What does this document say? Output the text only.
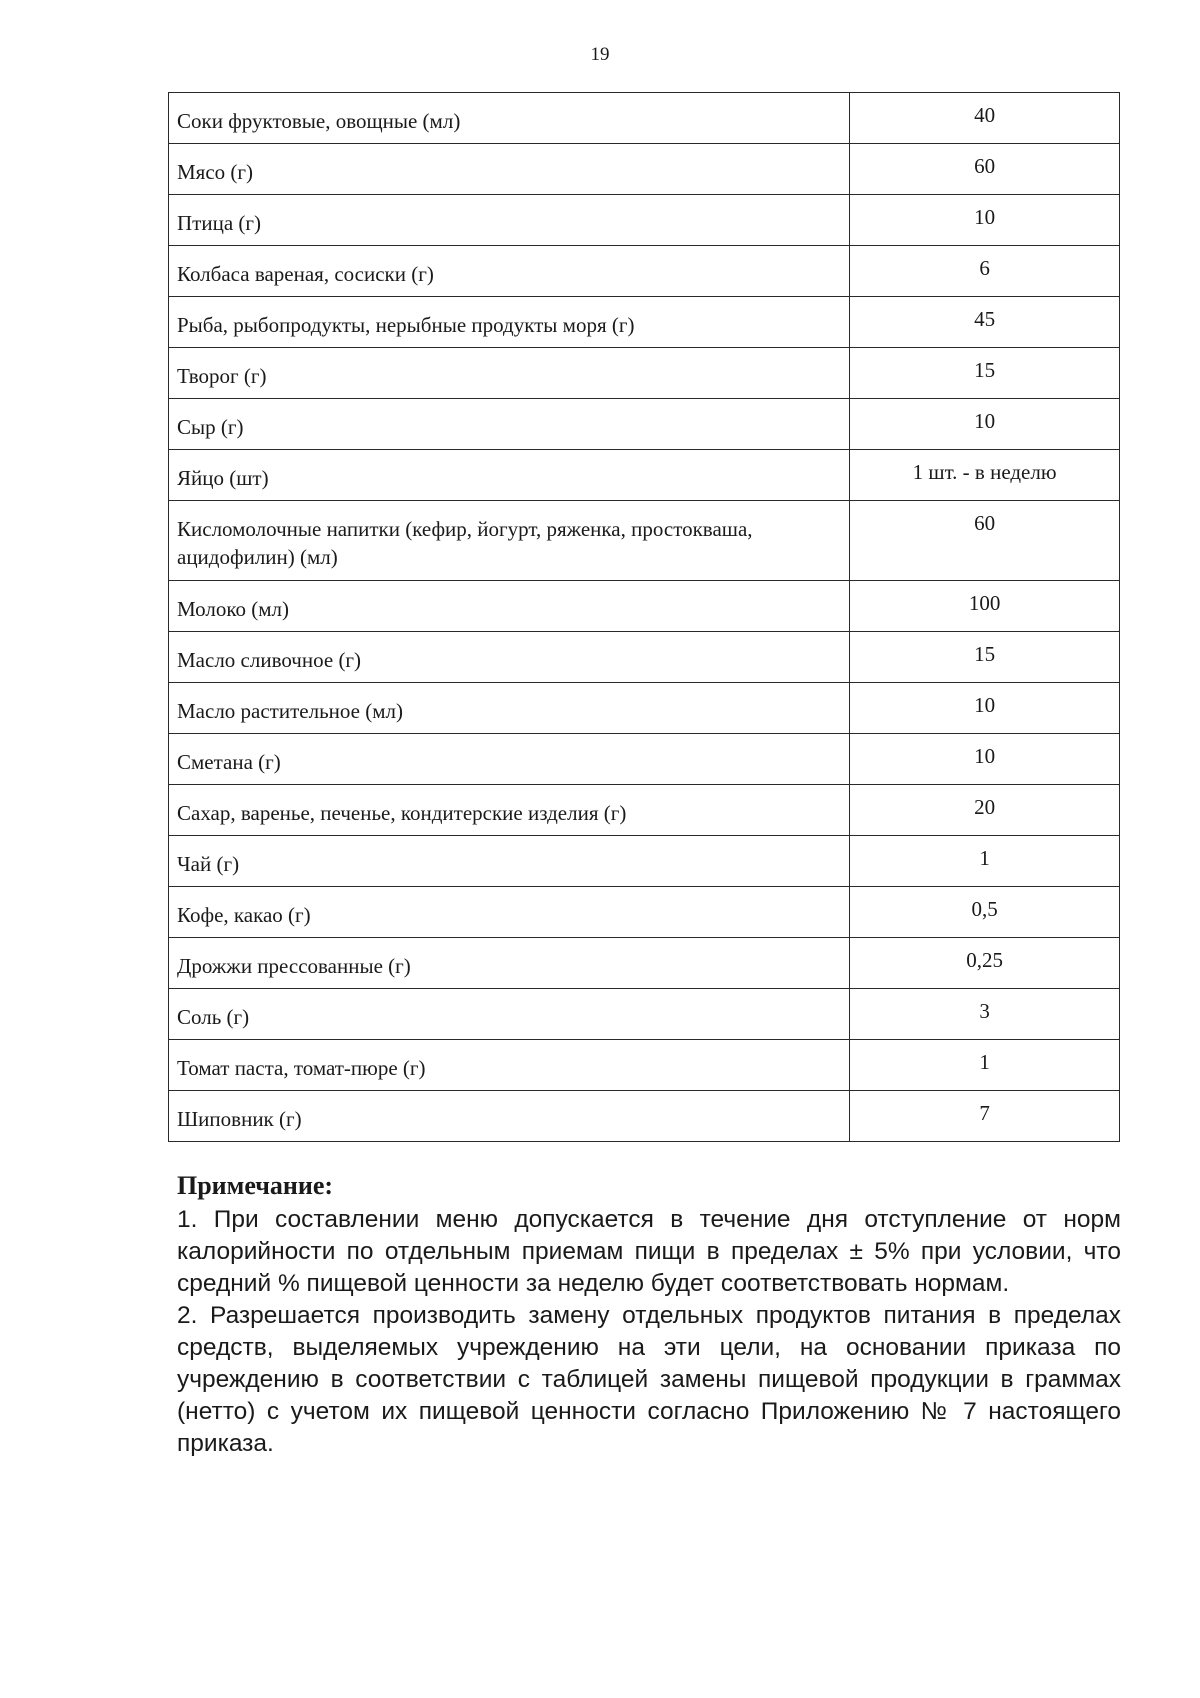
19
Соки фруктовые, овощные (мл)	40
Мясо (г)	60
Птица (г)	10
Колбаса вареная, сосиски (г)	6
Рыба, рыбопродукты, нерыбные продукты моря (г)	45
Творог (г)	15
Сыр (г)	10
Яйцо (шт)	1 шт. - в неделю
Кисломолочные напитки (кефир, йогурт, ряженка, простокваша, ацидофилин) (мл)	60
Молоко (мл)	100
Масло сливочное (г)	15
Масло растительное (мл)	10
Сметана (г)	10
Сахар, варенье, печенье, кондитерские изделия (г)	20
Чай (г)	1
Кофе, какао (г)	0,5
Дрожжи прессованные (г)	0,25
Соль (г)	3
Томат паста, томат-пюре (г)	1
Шиповник (г)	7
Примечание:

1. При составлении меню допускается в течение дня отступление от норм калорийности по отдельным приемам пищи в пределах ± 5% при условии, что средний % пищевой ценности за неделю будет соответствовать нормам.

2. Разрешается производить замену отдельных продуктов питания в пределах средств, выделяемых учреждению на эти цели, на основании приказа по учреждению в соответствии с таблицей замены пищевой продукции в граммах (нетто) с учетом их пищевой ценности согласно Приложению № 7 настоящего приказа.
